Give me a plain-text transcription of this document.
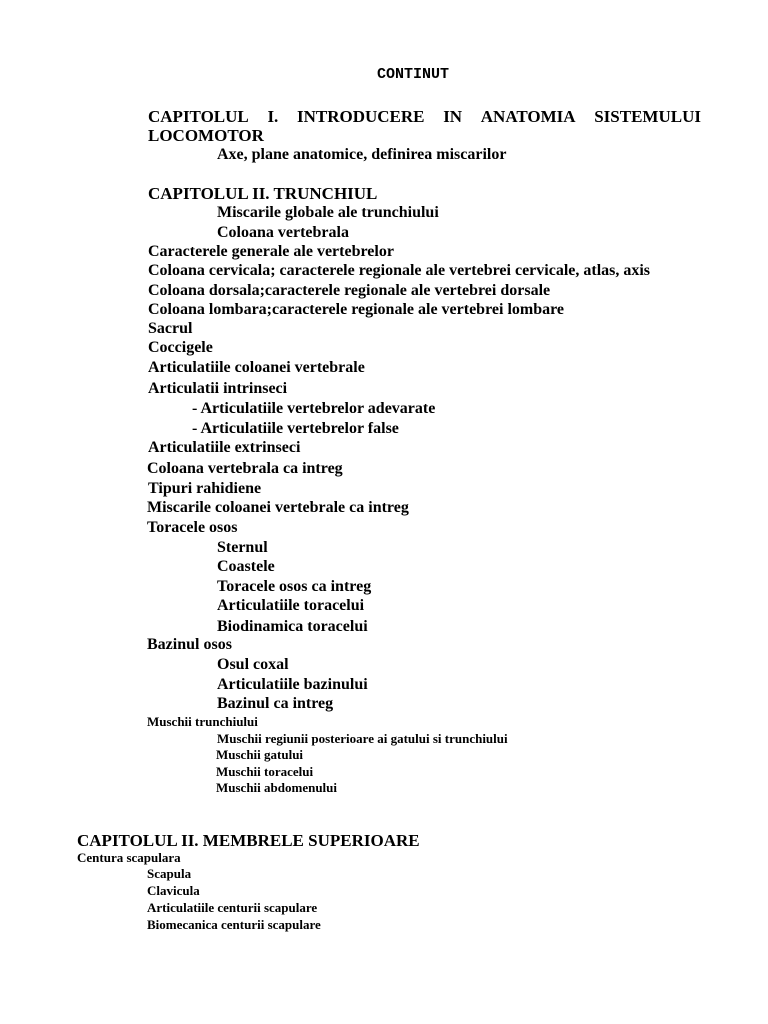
CONTINUT
CAPITOLUL I. INTRODUCERE IN ANATOMIA SISTEMULUI
LOCOMOTOR
Axe, plane anatomice, definirea miscarilor
CAPITOLUL II. TRUNCHIUL
Miscarile globale ale trunchiului
Coloana vertebrala
Caracterele generale ale vertebrelor
Coloana cervicala; caracterele regionale ale vertebrei cervicale, atlas, axis
Coloana dorsala;caracterele regionale ale vertebrei dorsale
Coloana lombara;caracterele regionale ale vertebrei lombare
Sacrul
Coccigele
Articulatiile coloanei vertebrale
Articulatii intrinseci
- Articulatiile vertebrelor adevarate
- Articulatiile vertebrelor false
Articulatiile extrinseci
Coloana vertebrala ca intreg
Tipuri rahidiene
Miscarile coloanei vertebrale ca intreg
Toracele osos
Sternul
Coastele
Toracele osos ca intreg
Articulatiile toracelui
Biodinamica toracelui
Bazinul osos
Osul coxal
Articulatiile bazinului
Bazinul ca intreg
Muschii trunchiului
Muschii regiunii posterioare ai gatului si trunchiului
Muschii gatului
Muschii toracelui
Muschii abdomenului
CAPITOLUL II. MEMBRELE SUPERIOARE
Centura scapulara
Scapula
Clavicula
Articulatiile centurii scapulare
Biomecanica centurii scapulare
